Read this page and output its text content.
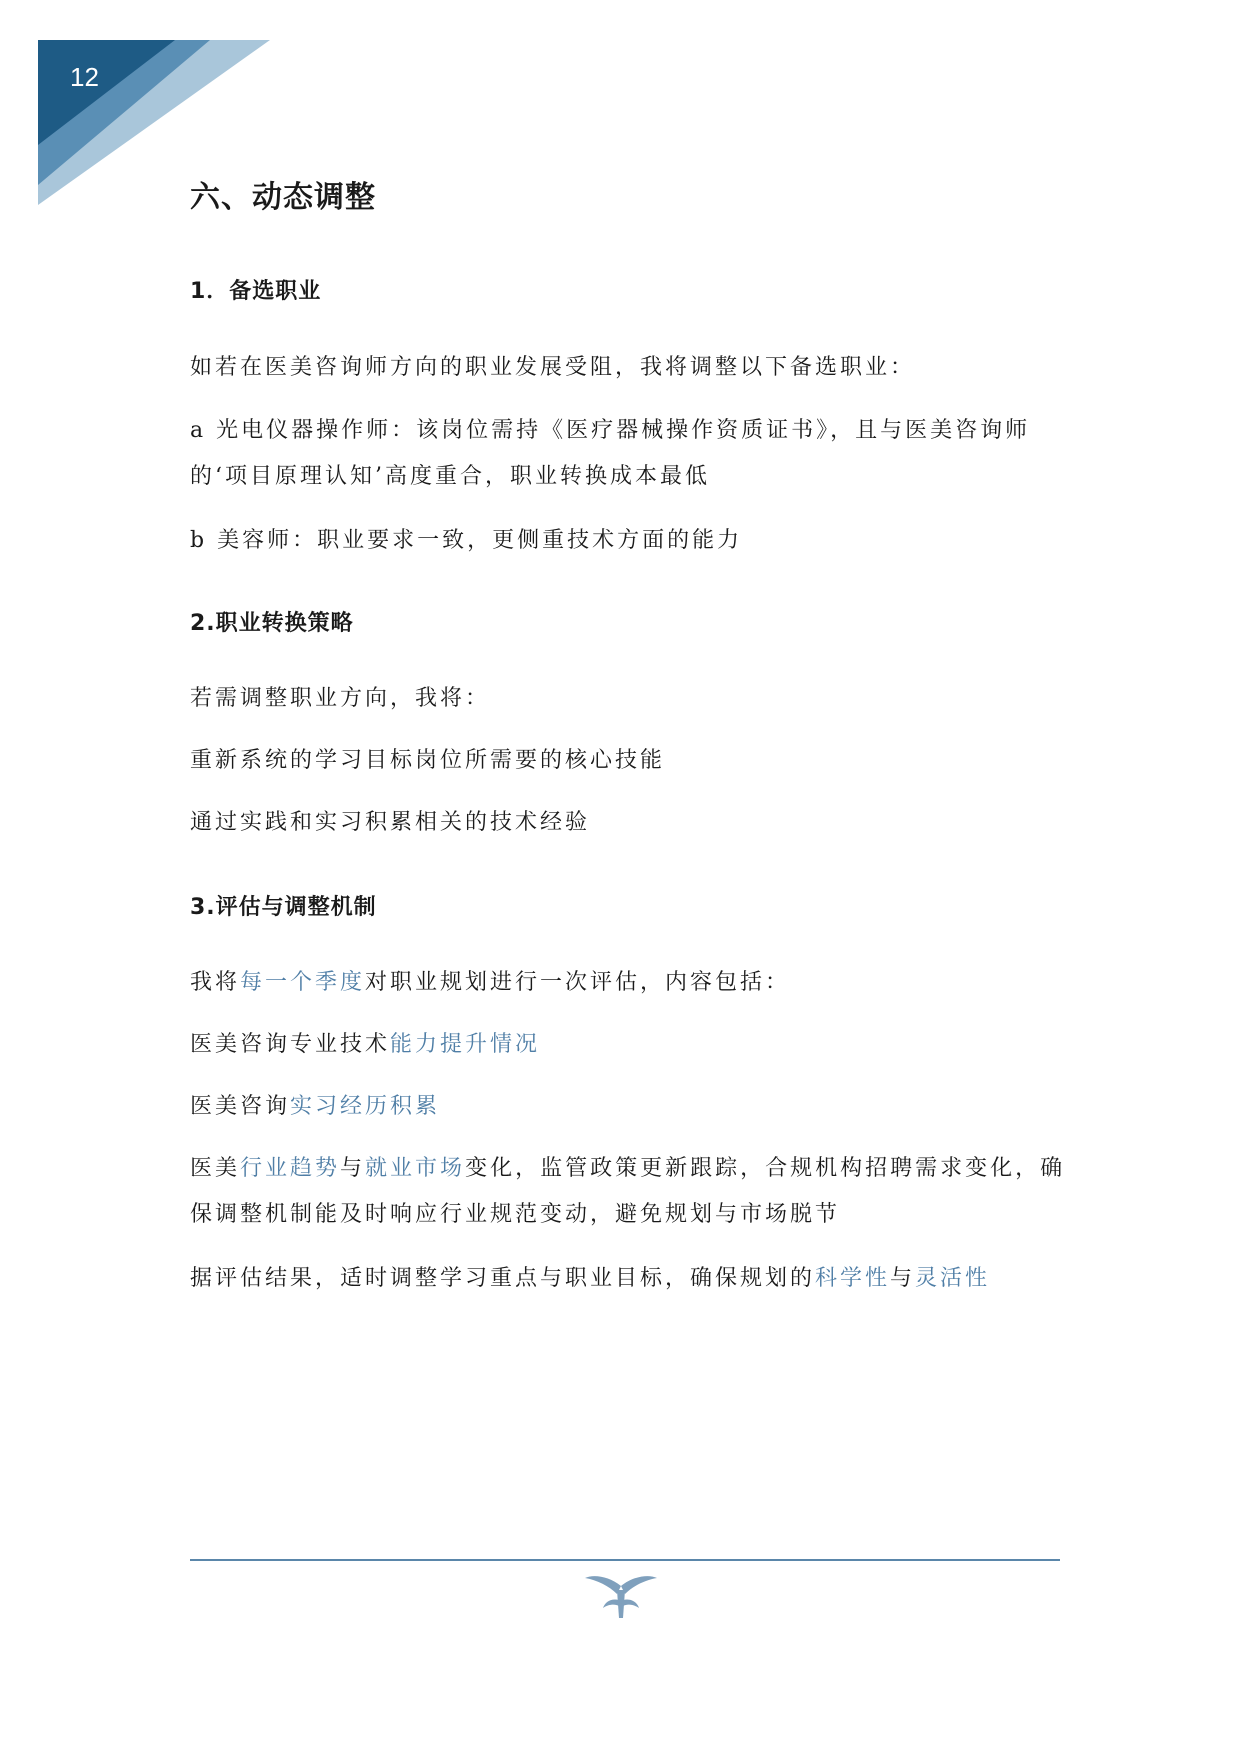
12
六、动态调整
1．备选职业
如若在医美咨询师方向的职业发展受阻，我将调整以下备选职业：
a 光电仪器操作师：该岗位需持《医疗器械操作资质证书》，且与医美咨询师的‘项目原理认知’高度重合，职业转换成本最低
b 美容师：职业要求一致，更侧重技术方面的能力
2.职业转换策略
若需调整职业方向，我将：
重新系统的学习目标岗位所需要的核心技能
通过实践和实习积累相关的技术经验
3.评估与调整机制
我将每一个季度对职业规划进行一次评估，内容包括：
医美咨询专业技术能力提升情况
医美咨询实习经历积累
医美行业趋势与就业市场变化，监管政策更新跟踪，合规机构招聘需求变化，确保调整机制能及时响应行业规范变动，避免规划与市场脱节
据评估结果，适时调整学习重点与职业目标，确保规划的科学性与灵活性
